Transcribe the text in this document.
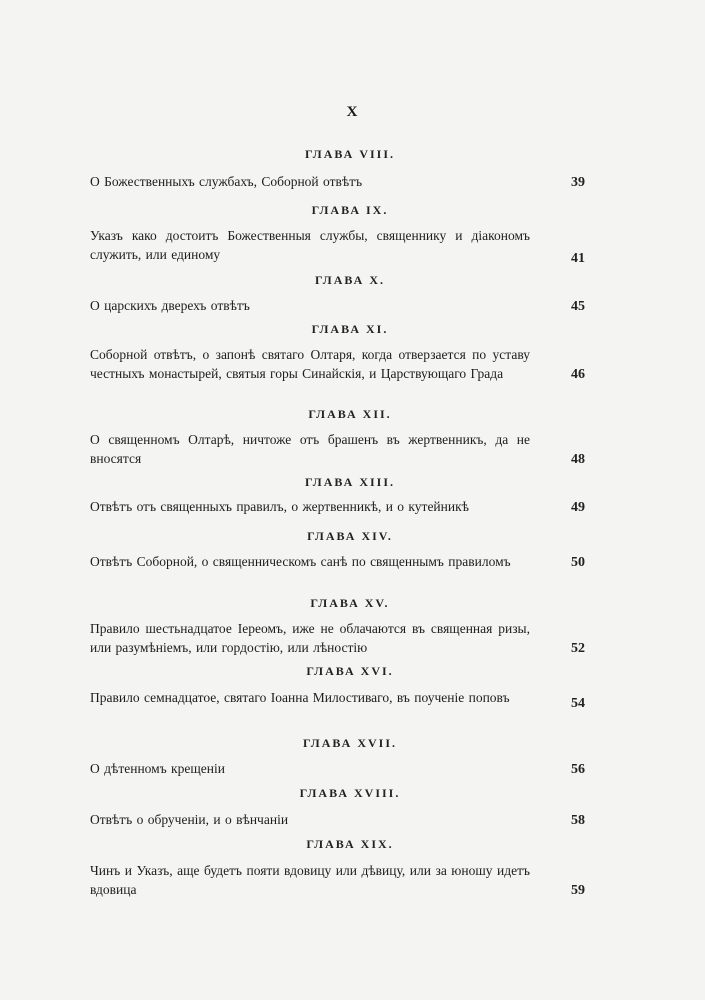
X
ГЛАВА VIII.
О Божественныхъ службахъ, Соборной отвѣтъ	39
ГЛАВА IX.
Указъ како достоитъ Божественныя службы, священнику и діакономъ служить, или единому	41
ГЛАВА X.
О царскихъ дверехъ отвѣтъ	45
ГЛАВА XI.
Соборной отвѣтъ, о запонѣ святаго Олтаря, когда отверзается по уставу честныхъ монастырей, святыя горы Синайскія, и Царствующаго Града	46
ГЛАВА XII.
О священномъ Олтарѣ, ничтоже отъ брашенъ въ жертвенникъ, да не вносятся	48
ГЛАВА XIII.
Отвѣтъ отъ священныхъ правилъ, о жертвенникѣ, и о кутейникѣ	49
ГЛАВА XIV.
Отвѣтъ Соборной, о священническомъ санѣ по священнымъ правиломъ	50
ГЛАВА XV.
Правило шестьнадцатое Іереомъ, иже не облачаются въ священная ризы, или разумѣніемъ, или гордостію, или лѣностію	52
ГЛАВА XVI.
Правило семнадцатое, святаго Іоанна Милостиваго, въ поученіе поповъ	54
ГЛАВА XVII.
О дѣтенномъ крещеніи	56
ГЛАВА XVIII.
Отвѣтъ о обрученіи, и о вѣнчаніи	58
ГЛАВА XIX.
Чинъ и Указъ, аще будетъ пояти вдовицу или дѣвицу, или за юношу идетъ вдовица	59
